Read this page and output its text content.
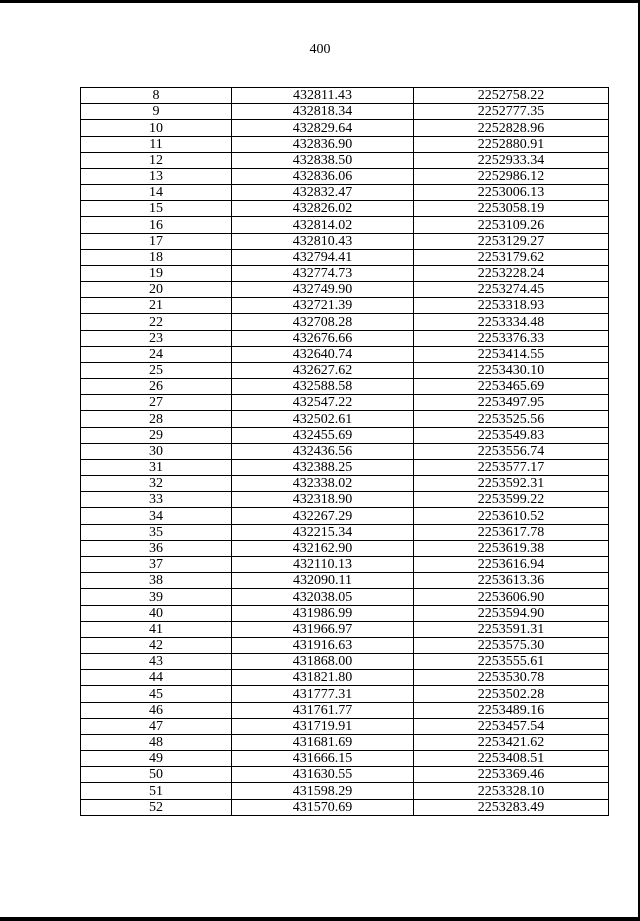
400
8	432811.43	2252758.22
9	432818.34	2252777.35
10	432829.64	2252828.96
11	432836.90	2252880.91
12	432838.50	2252933.34
13	432836.06	2252986.12
14	432832.47	2253006.13
15	432826.02	2253058.19
16	432814.02	2253109.26
17	432810.43	2253129.27
18	432794.41	2253179.62
19	432774.73	2253228.24
20	432749.90	2253274.45
21	432721.39	2253318.93
22	432708.28	2253334.48
23	432676.66	2253376.33
24	432640.74	2253414.55
25	432627.62	2253430.10
26	432588.58	2253465.69
27	432547.22	2253497.95
28	432502.61	2253525.56
29	432455.69	2253549.83
30	432436.56	2253556.74
31	432388.25	2253577.17
32	432338.02	2253592.31
33	432318.90	2253599.22
34	432267.29	2253610.52
35	432215.34	2253617.78
36	432162.90	2253619.38
37	432110.13	2253616.94
38	432090.11	2253613.36
39	432038.05	2253606.90
40	431986.99	2253594.90
41	431966.97	2253591.31
42	431916.63	2253575.30
43	431868.00	2253555.61
44	431821.80	2253530.78
45	431777.31	2253502.28
46	431761.77	2253489.16
47	431719.91	2253457.54
48	431681.69	2253421.62
49	431666.15	2253408.51
50	431630.55	2253369.46
51	431598.29	2253328.10
52	431570.69	2253283.49
